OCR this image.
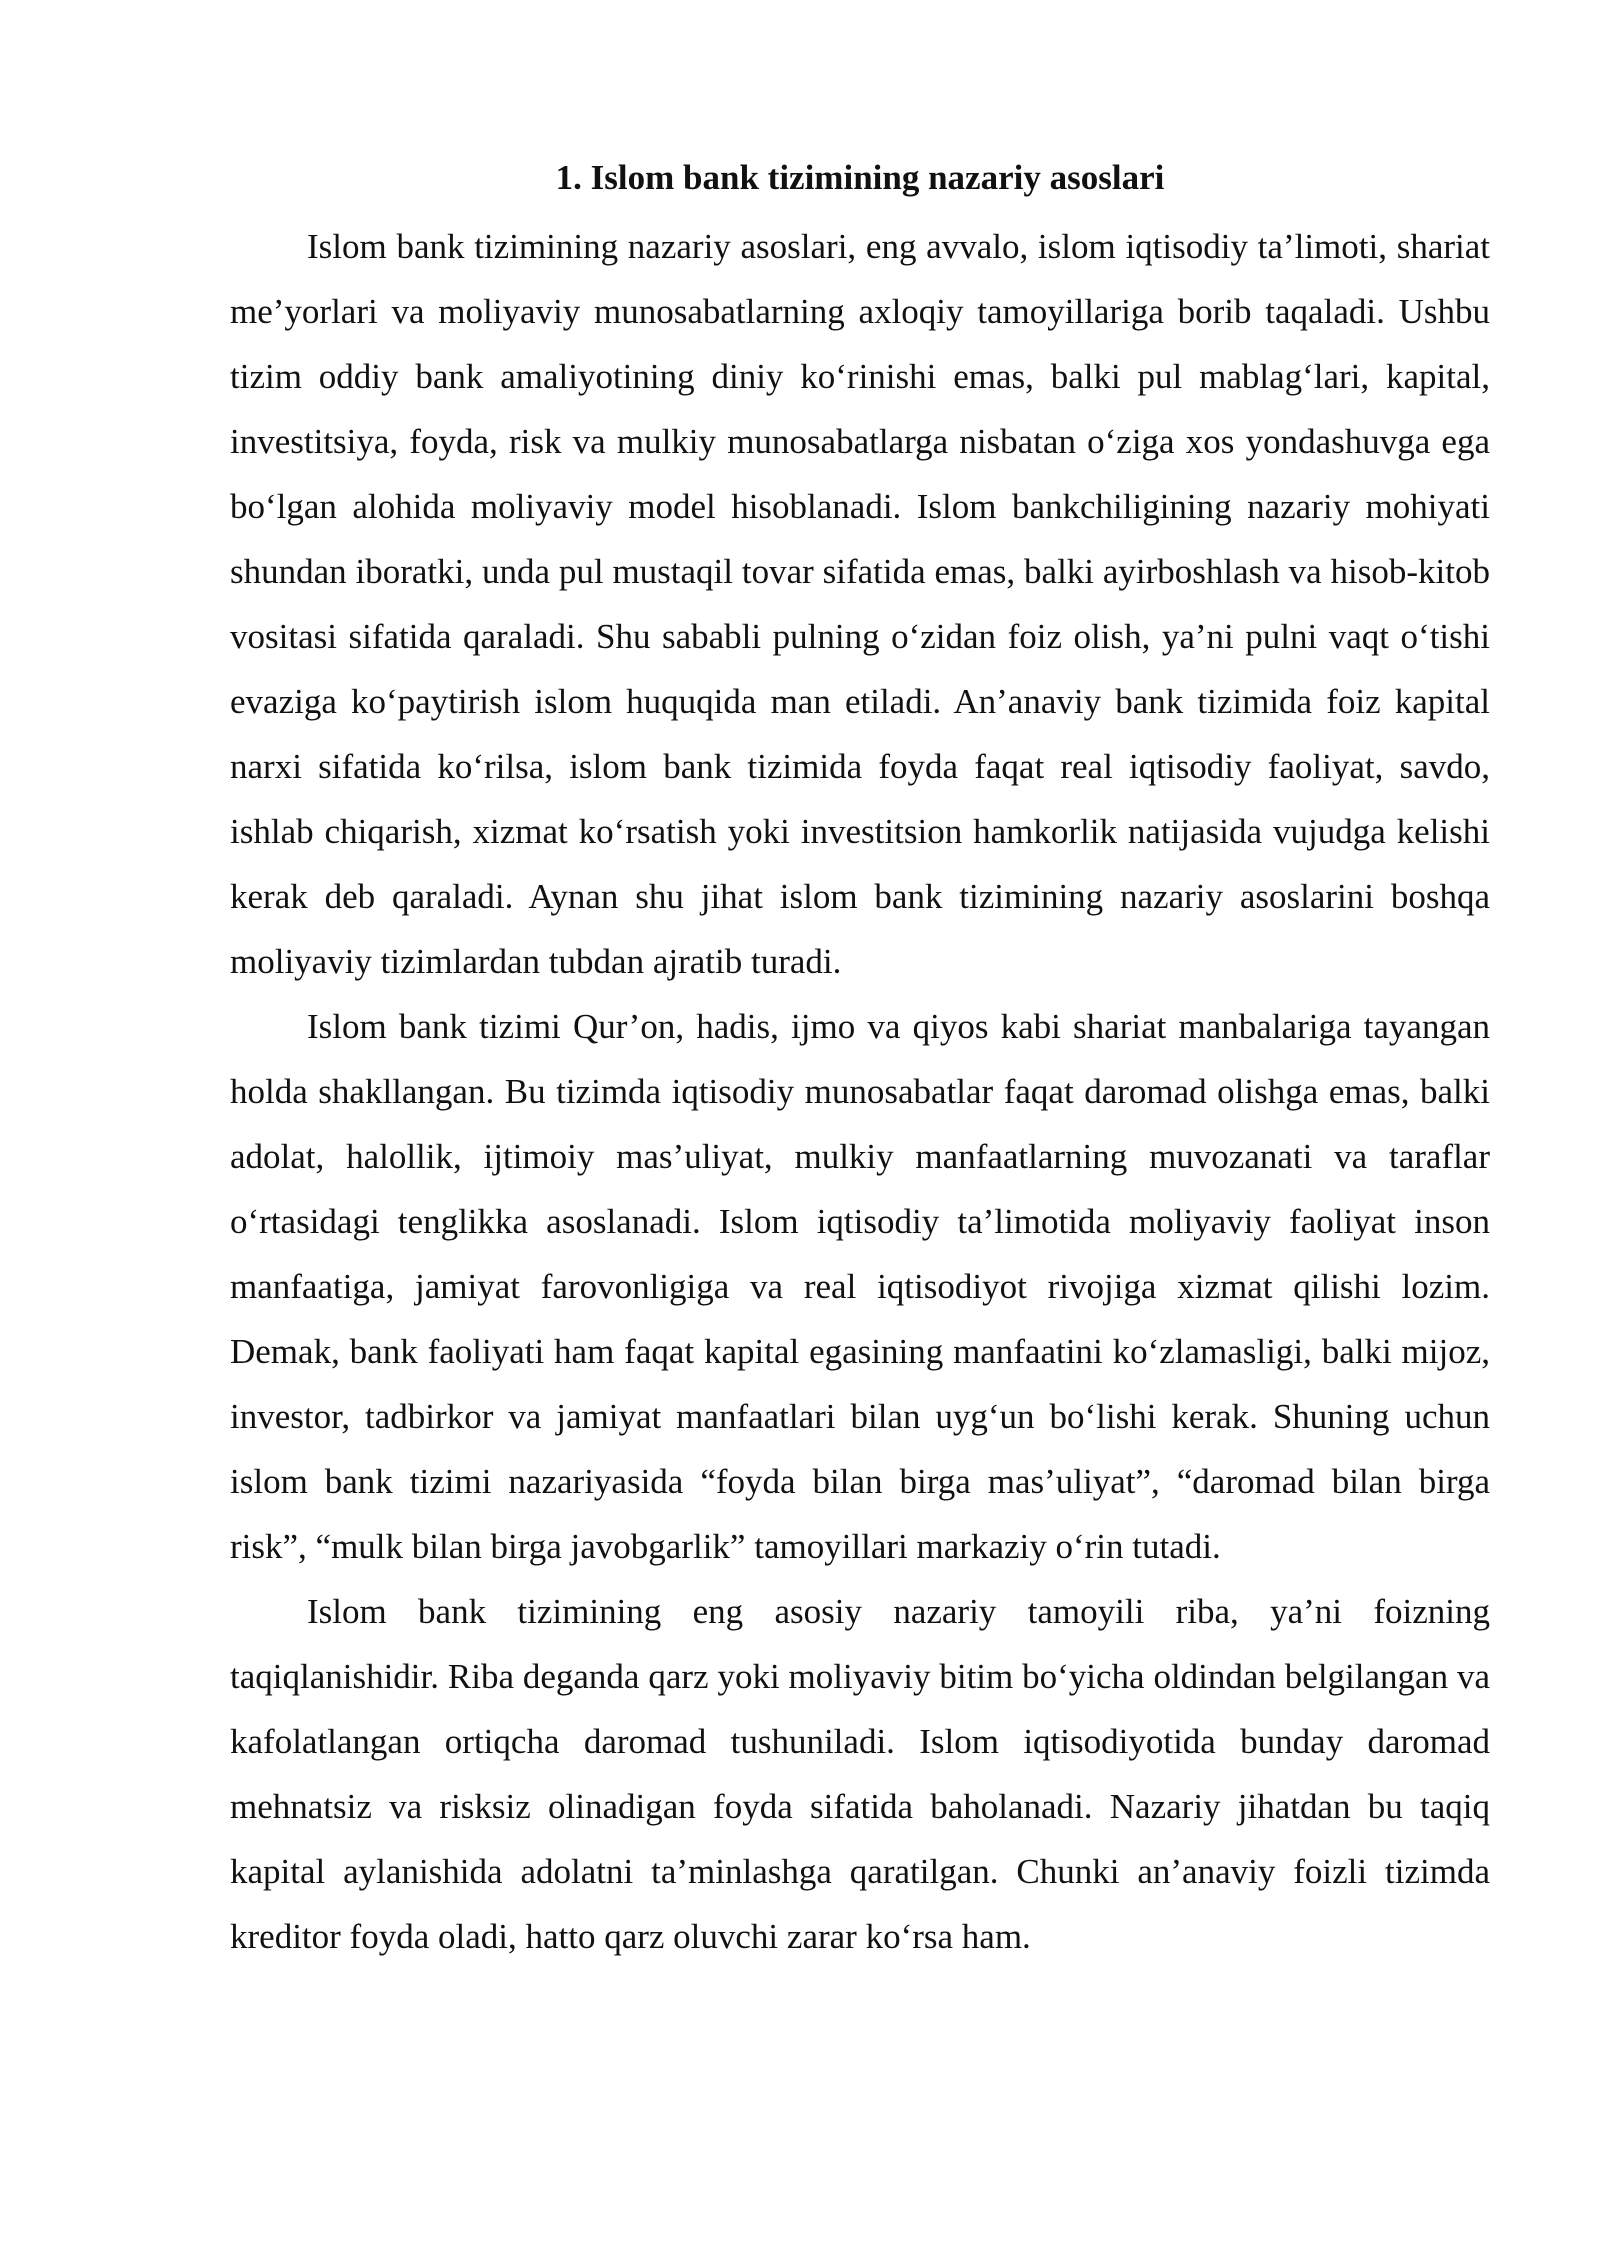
1. Islom bank tizimining nazariy asoslari

Islom bank tizimining nazariy asoslari, eng avvalo, islom iqtisodiy ta’limoti, shariat me’yorlari va moliyaviy munosabatlarning axloqiy tamoyillariga borib taqaladi. Ushbu tizim oddiy bank amaliyotining diniy ko‘rinishi emas, balki pul mablag‘lari, kapital, investitsiya, foyda, risk va mulkiy munosabatlarga nisbatan o‘ziga xos yondashuvga ega bo‘lgan alohida moliyaviy model hisoblanadi. Islom bankchiligining nazariy mohiyati shundan iboratki, unda pul mustaqil tovar sifatida emas, balki ayirboshlash va hisob-kitob vositasi sifatida qaraladi. Shu sababli pulning o‘zidan foiz olish, ya’ni pulni vaqt o‘tishi evaziga ko‘paytirish islom huquqida man etiladi. An’anaviy bank tizimida foiz kapital narxi sifatida ko‘rilsa, islom bank tizimida foyda faqat real iqtisodiy faoliyat, savdo, ishlab chiqarish, xizmat ko‘rsatish yoki investitsion hamkorlik natijasida vujudga kelishi kerak deb qaraladi. Aynan shu jihat islom bank tizimining nazariy asoslarini boshqa moliyaviy tizimlardan tubdan ajratib turadi.

Islom bank tizimi Qur’on, hadis, ijmo va qiyos kabi shariat manbalariga tayangan holda shakllangan. Bu tizimda iqtisodiy munosabatlar faqat daromad olishga emas, balki adolat, halollik, ijtimoiy mas’uliyat, mulkiy manfaatlarning muvozanati va taraflar o‘rtasidagi tenglikka asoslanadi. Islom iqtisodiy ta’limotida moliyaviy faoliyat inson manfaatiga, jamiyat farovonligiga va real iqtisodiyot rivojiga xizmat qilishi lozim. Demak, bank faoliyati ham faqat kapital egasining manfaatini ko‘zlamasligi, balki mijoz, investor, tadbirkor va jamiyat manfaatlari bilan uyg‘un bo‘lishi kerak. Shuning uchun islom bank tizimi nazariyasida “foyda bilan birga mas’uliyat”, “daromad bilan birga risk”, “mulk bilan birga javobgarlik” tamoyillari markaziy o‘rin tutadi.

Islom bank tizimining eng asosiy nazariy tamoyili riba, ya’ni foizning taqiqlanishidir. Riba deganda qarz yoki moliyaviy bitim bo‘yicha oldindan belgilangan va kafolatlangan ortiqcha daromad tushuniladi. Islom iqtisodiyotida bunday daromad mehnatsiz va risksiz olinadigan foyda sifatida baholanadi. Nazariy jihatdan bu taqiq kapital aylanishida adolatni ta’minlashga qaratilgan. Chunki an’anaviy foizli tizimda kreditor foyda oladi, hatto qarz oluvchi zarar ko‘rsa ham.
